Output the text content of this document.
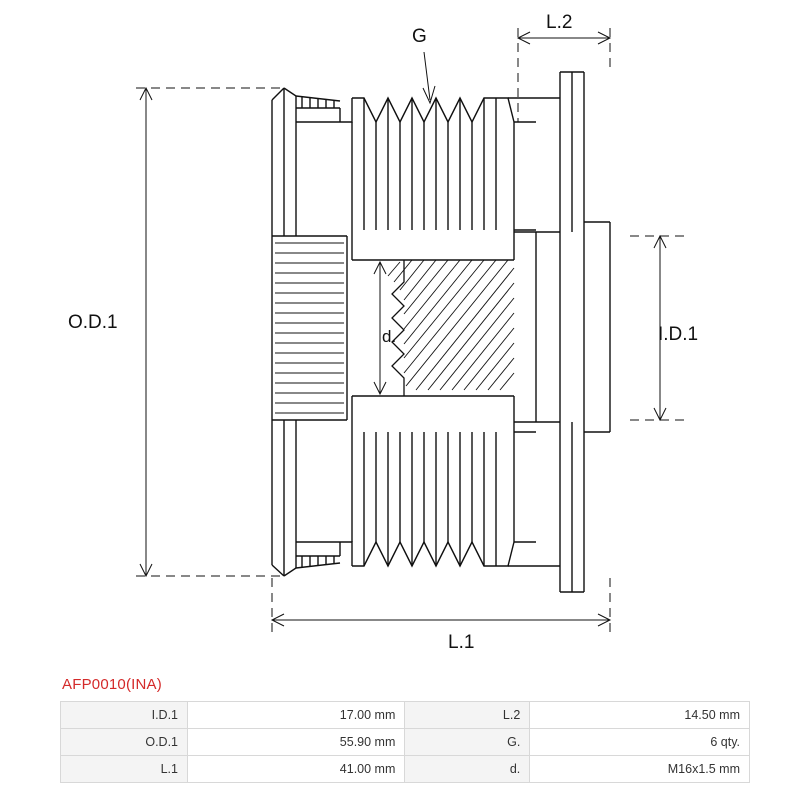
O.D.1
I.D.1
L.1
L.2
G
d.
AFP0010(INA)
I.D.1	17.00 mm	L.2	14.50 mm
O.D.1	55.90 mm	G.	6 qty.
L.1	41.00 mm	d.	M16x1.5 mm
